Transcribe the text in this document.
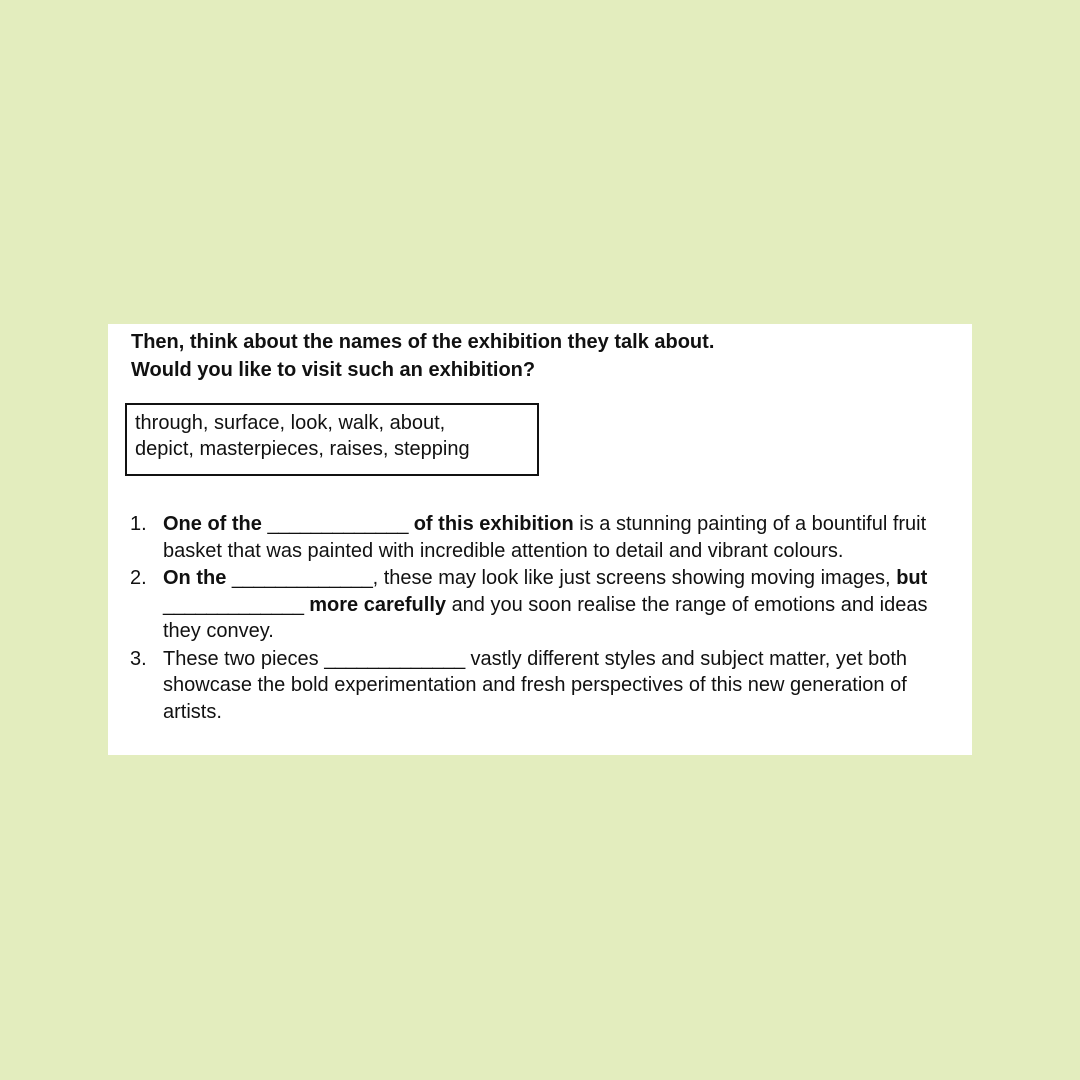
Then, think about the names of the exhibition they talk about.
Would you like to visit such an exhibition?

through, surface, look, walk, about,
depict, masterpieces, raises, stepping
1. One of the _____________ of this exhibition is a stunning painting of a bountiful fruit basket that was painted with incredible attention to detail and vibrant colours.
2. On the _____________, these may look like just screens showing moving images, but _____________ more carefully and you soon realise the range of emotions and ideas they convey.
3. These two pieces _____________ vastly different styles and subject matter, yet both showcase the bold experimentation and fresh perspectives of this new generation of artists.
